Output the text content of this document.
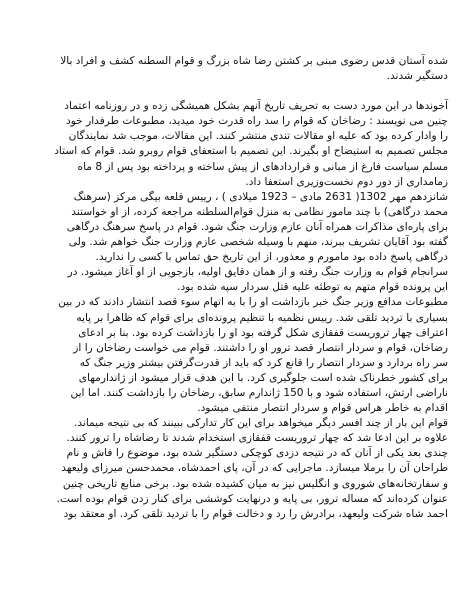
شده آستان قدس رضوی مبنی بر کشتن رضا شاه بزرگ و قوام السطنه کشف و افراد بالا
دستگیر شدند.

آخوندها در این مورد دست به تحریف تاریخ آنهم بشکل همیشگی زده و در روزنامه اعتماد
چنین می نویسند : رضاخان که قوام را سد راه قدرت خود میدید، مطبوعات طرفدار خود
را وادار کرده بود که علیه او مقالات تندی منتشر کنند. این مقالات، موجب شد نمایندگان
مجلس تصمیم به استیضاح او بگیرند. این تصمیم با استعفای قوام روبرو شد. قوام که استاد
مسلم سیاست فارغ از مبانی و قراردادهای از پیش ساخته و پرداخته بود پس از 8 ماه
زمامداری از دور دوم نخست‌وزیری استعفا داد.

شانزدهم مهر 1302( 2631 مادی – 1923 میلادی ) ، رییس قلعه بیگی مرکز (سرهنگ
محمد درگاهی) با چند مامور نظامی به منزل قوام‌السلطنه مراجعه کرده، از او خواستند
برای پاره‌ای مذاکرات همراه آنان عازم وزارت جنگ شود. قوام در پاسخ سرهنگ درگاهی
گفته بود آقایان تشریف ببرند، منهم با وسیله شخصی عازم وزارت جنگ خواهم شد. ولی
درگاهی پاسخ داده بود مامورم و معذور، از این تاریخ حق تماس با کسی را ندارید.
سرانجام قوام به وزارت جنگ رفته و از همان دقایق اولیه، بازجویی از او آغاز میشود. در
این پرونده قوام متهم به توطئه علیه قتل سردار سپه شده بود.
مطبوعات مدافع وزیر جنگ خبر بازداشت او را با به اتهام سوء قصد انتشار دادند که در بین
بسیاری با تردید تلقی شد. رییس نظمیه با تنظیم پرونده‌ای برای قوام که ظاهرا بر پایه
اعتراف چهار تروریست قفقازی شکل گرفته بود او را بازداشت کرده بود. بنا بر ادعای
رضاخان، قوام و سردار انتصار قصد ترور او را داشتند. قوام می خواست رضاخان را از
سر راه بردارد و سردار انتصار را قانع کرد که باید از قدرت‌گرفتن بیشتر وزیر جنگ که
برای کشور خطرناک شده است جلوگیری کرد. با این هدف قرار میشود از ژاندارمهای
ناراضی ارتش، استفاده شود و با 150 ژاندارم سابق، رضاخان را بازداشت کنند. اما این
اقدام به خاطر هراس قوام و سردار انتصار منتفی میشود.
قوام این بار از چند افسر دیگر میخواهد برای این کار تدارکی ببینند که بی نتیجه میماند.
علاوه بر این ادعا شد که چهار تروریست قفقازی استخدام شدند تا رضاشاه را ترور کنند.
چندی بعد یکی از آنان که در نتیجه دزدی کوچکی دستگیر شده بود، موضوع را فاش و نام
طراحان آن را برملا میسازد. ماجرایی که در آن، پای احمدشاه، محمدحسن میرزای ولیعهد
و سفارتخانه‌های شوروی و انگلیس نیز به میان کشیده شده بود. برخی منابع تاریخی چنین
عنوان کرده‌اند که مساله ترور، بی پایه و درنهایت کوششی برای کنار زدن قوام بوده است.
احمد شاه شرکت ولیعهد، برادرش را رد و دخالت قوام را با تردید تلقی کرد. او معتقد بود
